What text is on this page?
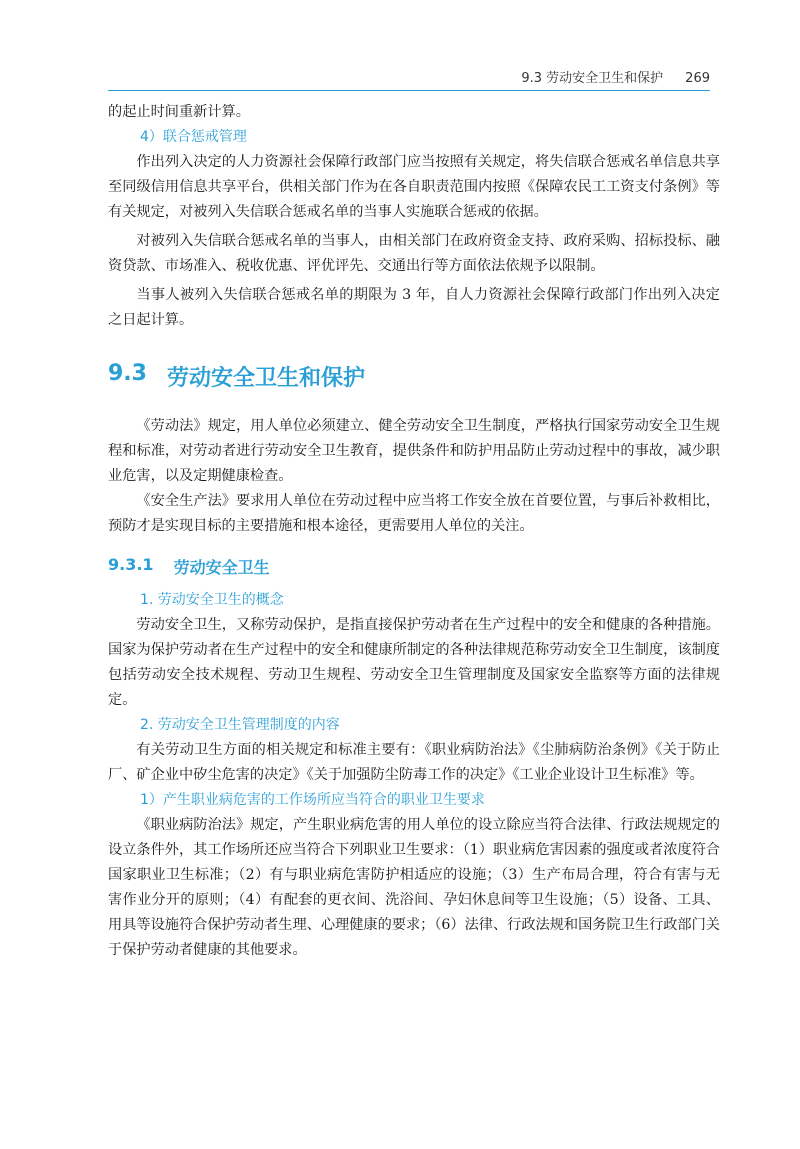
9.3 劳动安全卫生和保护 269

的起止时间重新计算。

4）联合惩戒管理

作出列入决定的人力资源社会保障行政部门应当按照有关规定，将失信联合惩戒名单信息共享至同级信用信息共享平台，供相关部门作为在各自职责范围内按照《保障农民工工资支付条例》等有关规定，对被列入失信联合惩戒名单的当事人实施联合惩戒的依据。

对被列入失信联合惩戒名单的当事人，由相关部门在政府资金支持、政府采购、招标投标、融资贷款、市场准入、税收优惠、评优评先、交通出行等方面依法依规予以限制。

当事人被列入失信联合惩戒名单的期限为 3 年，自人力资源社会保障行政部门作出列入决定之日起计算。

9.3 劳动安全卫生和保护

《劳动法》规定，用人单位必须建立、健全劳动安全卫生制度，严格执行国家劳动安全卫生规程和标准，对劳动者进行劳动安全卫生教育，提供条件和防护用品防止劳动过程中的事故，减少职业危害，以及定期健康检查。

《安全生产法》要求用人单位在劳动过程中应当将工作安全放在首要位置，与事后补救相比，预防才是实现目标的主要措施和根本途径，更需要用人单位的关注。

9.3.1 劳动安全卫生
1. 劳动安全卫生的概念

劳动安全卫生，又称劳动保护，是指直接保护劳动者在生产过程中的安全和健康的各种措施。国家为保护劳动者在生产过程中的安全和健康所制定的各种法律规范称劳动安全卫生制度，该制度包括劳动安全技术规程、劳动卫生规程、劳动安全卫生管理制度及国家安全监察等方面的法律规定。

2. 劳动安全卫生管理制度的内容

有关劳动卫生方面的相关规定和标准主要有：《职业病防治法》《尘肺病防治条例》《关于防止厂、矿企业中矽尘危害的决定》《关于加强防尘防毒工作的决定》《工业企业设计卫生标准》等。

1）产生职业病危害的工作场所应当符合的职业卫生要求

《职业病防治法》规定，产生职业病危害的用人单位的设立除应当符合法律、行政法规规定的设立条件外，其工作场所还应当符合下列职业卫生要求：（1）职业病危害因素的强度或者浓度符合国家职业卫生标准；（2）有与职业病危害防护相适应的设施；（3）生产布局合理，符合有害与无害作业分开的原则；（4）有配套的更衣间、洗浴间、孕妇休息间等卫生设施；（5）设备、工具、用具等设施符合保护劳动者生理、心理健康的要求；（6）法律、行政法规和国务院卫生行政部门关于保护劳动者健康的其他要求。
